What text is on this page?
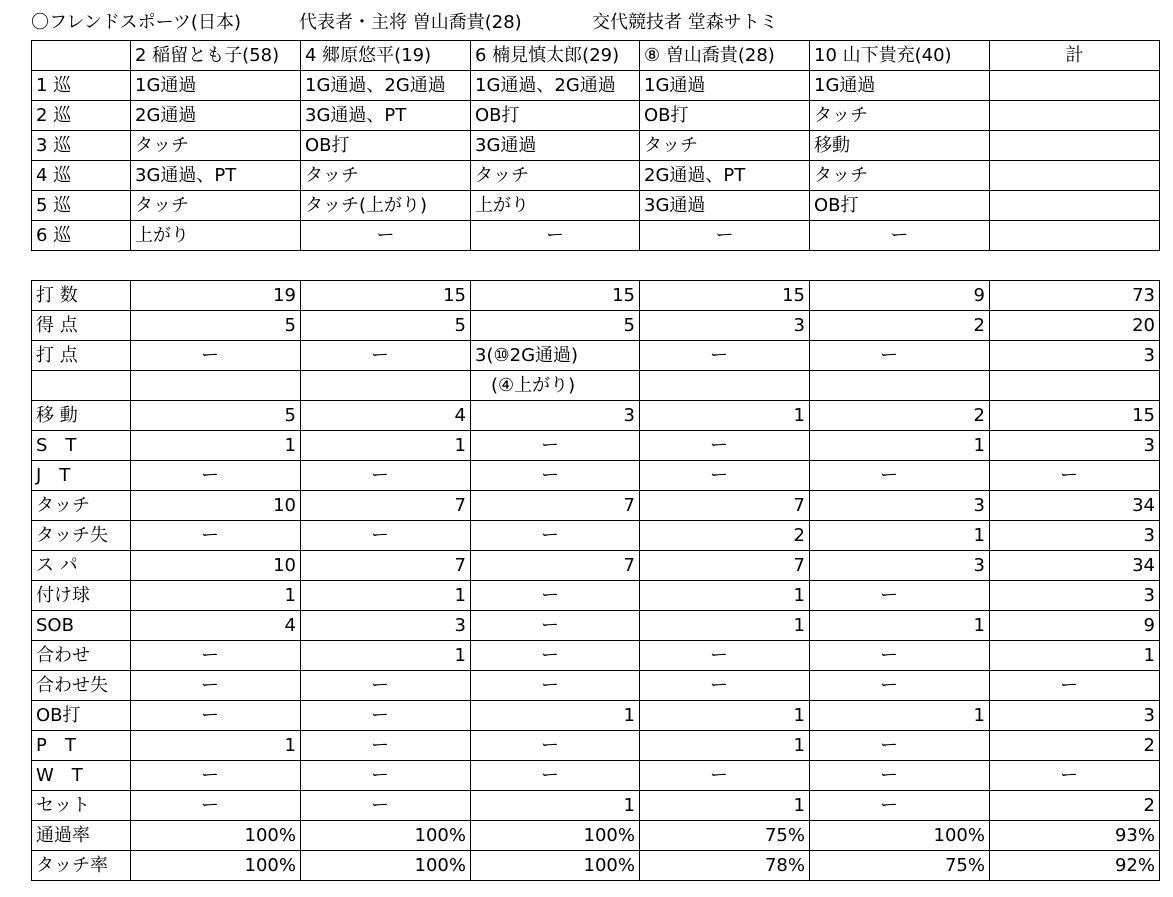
〇フレンドスポーツ(日本)	代表者・主将 曽山喬貴(28)	交代競技者 堂森サトミ
	2 稲留とも子(58)	4 郷原悠平(19)	6 楠見慎太郎(29)	⑧ 曽山喬貴(28)	10 山下貴充(40)	計
1 巡	1G通過	1G通過、2G通過	1G通過、2G通過	1G通過	1G通過	
2 巡	2G通過	3G通過、PT	OB打	OB打	タッチ	
3 巡	タッチ	OB打	3G通過	タッチ	移動	
4 巡	3G通過、PT	タッチ	タッチ	2G通過、PT	タッチ	
5 巡	タッチ	タッチ(上がり)	上がり	3G通過	OB打	
6 巡	上がり	ー	ー	ー	ー	
打 数	19	15	15	15	9	73
得 点	5	5	5	3	2	20
打 点	ー	ー	3(⑩2G通過)	ー	ー	3
			(④上がり)			
移 動	5	4	3	1	2	15
S　T	1	1	ー	ー	1	3
J　T	ー	ー	ー	ー	ー	ー
タッチ	10	7	7	7	3	34
タッチ失	ー	ー	ー	2	1	3
ス パ	10	7	7	7	3	34
付け球	1	1	ー	1	ー	3
SOB	4	3	ー	1	1	9
合わせ	ー	1	ー	ー	ー	1
合わせ失	ー	ー	ー	ー	ー	ー
OB打	ー	ー	1	1	1	3
P　T	1	ー	ー	1	ー	2
W　T	ー	ー	ー	ー	ー	ー
セット	ー	ー	1	1	ー	2
通過率	100%	100%	100%	75%	100%	93%
タッチ率	100%	100%	100%	78%	75%	92%
